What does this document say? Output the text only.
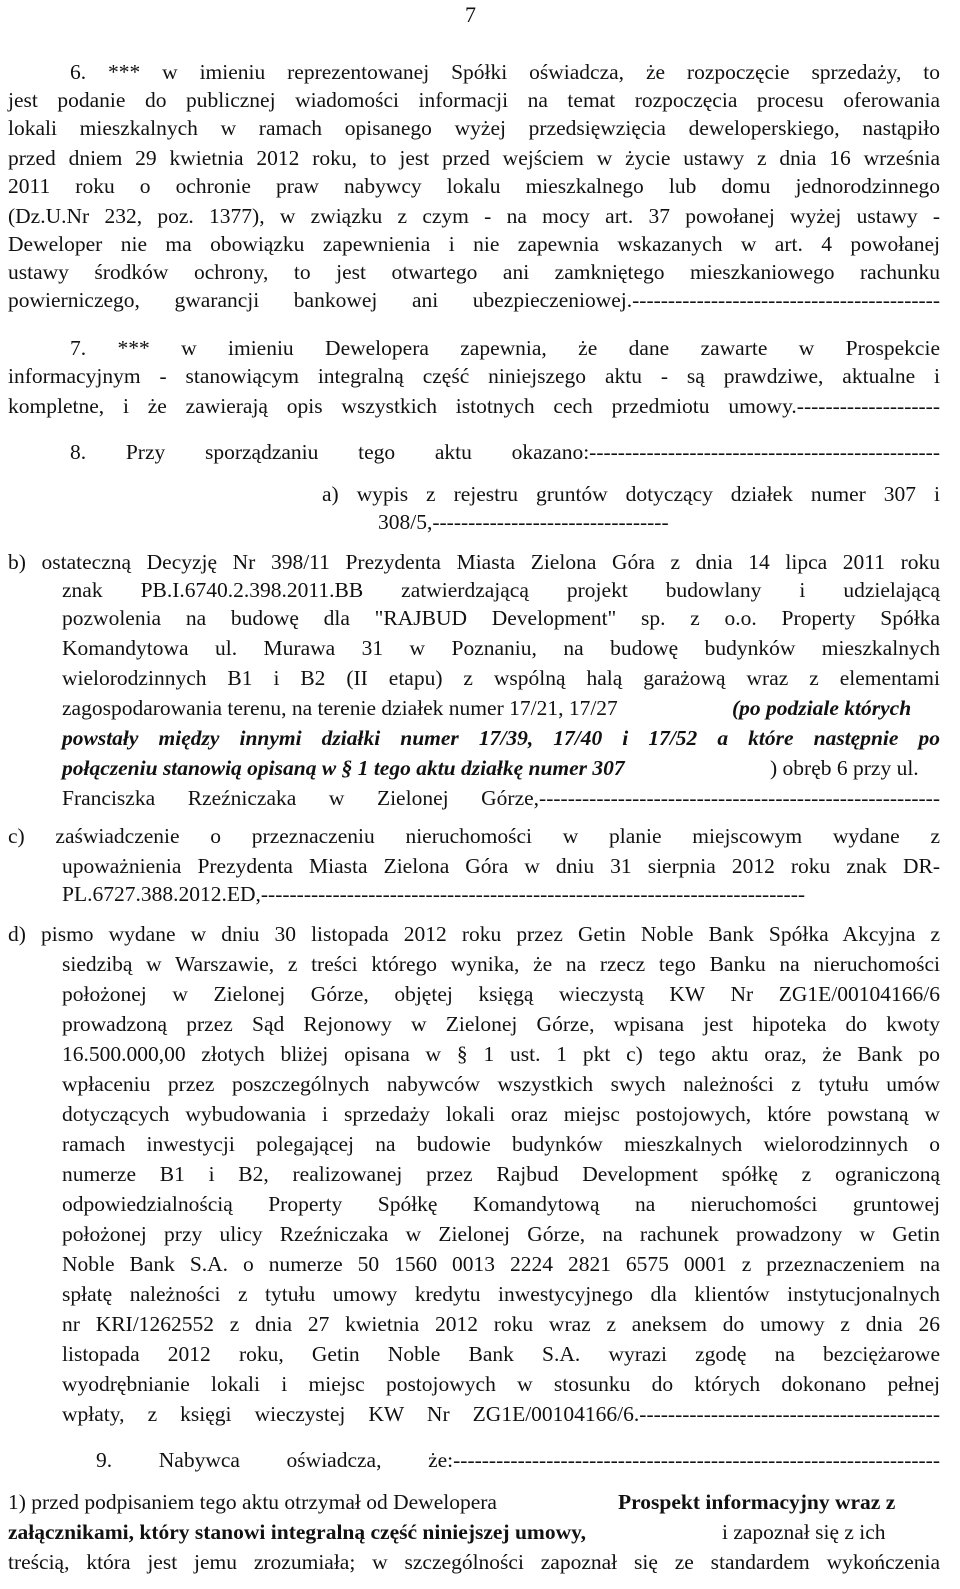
7
6. *** w imieniu reprezentowanej Spółki oświadcza, że rozpoczęcie sprzedaży, to
jest podanie do publicznej wiadomości informacji na temat rozpoczęcia procesu oferowania
lokali mieszkalnych w ramach opisanego wyżej przedsięwzięcia deweloperskiego, nastąpiło
przed dniem 29 kwietnia 2012 roku, to jest przed wejściem w życie ustawy z dnia 16 września
2011 roku o ochronie praw nabywcy lokalu mieszkalnego lub domu jednorodzinnego
(Dz.U.Nr 232, poz. 1377), w związku z czym - na mocy art. 37 powołanej wyżej ustawy -
Deweloper nie ma obowiązku zapewnienia i nie zapewnia wskazanych w art. 4 powołanej
ustawy środków ochrony, to jest otwartego ani zamkniętego mieszkaniowego rachunku
powierniczego, gwarancji bankowej ani ubezpieczeniowej.-------------------------------------------
7. *** w imieniu Dewelopera zapewnia, że dane zawarte w Prospekcie
informacyjnym - stanowiącym integralną część niniejszego aktu - są prawdziwe, aktualne i
kompletne, i że zawierają opis wszystkich istotnych cech przedmiotu umowy.--------------------
8. Przy sporządzaniu tego aktu okazano:-------------------------------------------------
a) wypis z rejestru gruntów dotyczący działek numer 307 i
308/5,---------------------------------
b) ostateczną Decyzję Nr 398/11 Prezydenta Miasta Zielona Góra z dnia 14 lipca 2011 roku
znak PB.I.6740.2.398.2011.BB zatwierdzającą projekt budowlany i udzielającą
pozwolenia na budowę dla "RAJBUD Development" sp. z o.o. Property Spółka
Komandytowa ul. Murawa 31 w Poznaniu, na budowę budynków mieszkalnych
wielorodzinnych B1 i B2 (II etapu) z wspólną halą garażową wraz z elementami
zagospodarowania terenu, na terenie działek numer 17/21, 17/27	(po podziale których
powstały między innymi działki numer 17/39, 17/40 i 17/52 a które następnie po
połączeniu stanowią opisaną w § 1 tego aktu działkę numer 307	) obręb 6 przy ul.
Franciszka Rzeźniczaka w Zielonej Górze,--------------------------------------------------------
c) zaświadczenie o przeznaczeniu nieruchomości w planie miejscowym wydane z
upoważnienia Prezydenta Miasta Zielona Góra w dniu 31 sierpnia 2012 roku znak DR-
PL.6727.388.2012.ED,----------------------------------------------------------------------------
d) pismo wydane w dniu 30 listopada 2012 roku przez Getin Noble Bank Spółka Akcyjna z
siedzibą w Warszawie, z treści którego wynika, że na rzecz tego Banku na nieruchomości
położonej w Zielonej Górze, objętej księgą wieczystą KW Nr ZG1E/00104166/6
prowadzoną przez Sąd Rejonowy w Zielonej Górze, wpisana jest hipoteka do kwoty
16.500.000,00 złotych bliżej opisana w § 1 ust. 1 pkt c) tego aktu oraz, że Bank po
wpłaceniu przez poszczególnych nabywców wszystkich swych należności z tytułu umów
dotyczących wybudowania i sprzedaży lokali oraz miejsc postojowych, które powstaną w
ramach inwestycji polegającej na budowie budynków mieszkalnych wielorodzinnych o
numerze B1 i B2, realizowanej przez Rajbud Development spółkę z ograniczoną
odpowiedzialnością Property Spółkę Komandytową na nieruchomości gruntowej
położonej przy ulicy Rzeźniczaka w Zielonej Górze, na rachunek prowadzony w Getin
Noble Bank S.A. o numerze 50 1560 0013 2224 2821 6575 0001 z przeznaczeniem na
spłatę należności z tytułu umowy kredytu inwestycyjnego dla klientów instytucjonalnych
nr KRI/1262552 z dnia 27 kwietnia 2012 roku wraz z aneksem do umowy z dnia 26
listopada 2012 roku, Getin Noble Bank S.A. wyrazi zgodę na bezciężarowe
wyodrębnianie lokali i miejsc postojowych w stosunku do których dokonano pełnej
wpłaty, z księgi wieczystej KW Nr ZG1E/00104166/6.------------------------------------------
9. Nabywca oświadcza, że:--------------------------------------------------------------------
1) przed podpisaniem tego aktu otrzymał od Dewelopera	Prospekt informacyjny wraz z
załącznikami, który stanowi integralną część niniejszej umowy,	i zapoznał się z ich
treścią, która jest jemu zrozumiała; w szczególności zapoznał się ze standardem wykończenia
